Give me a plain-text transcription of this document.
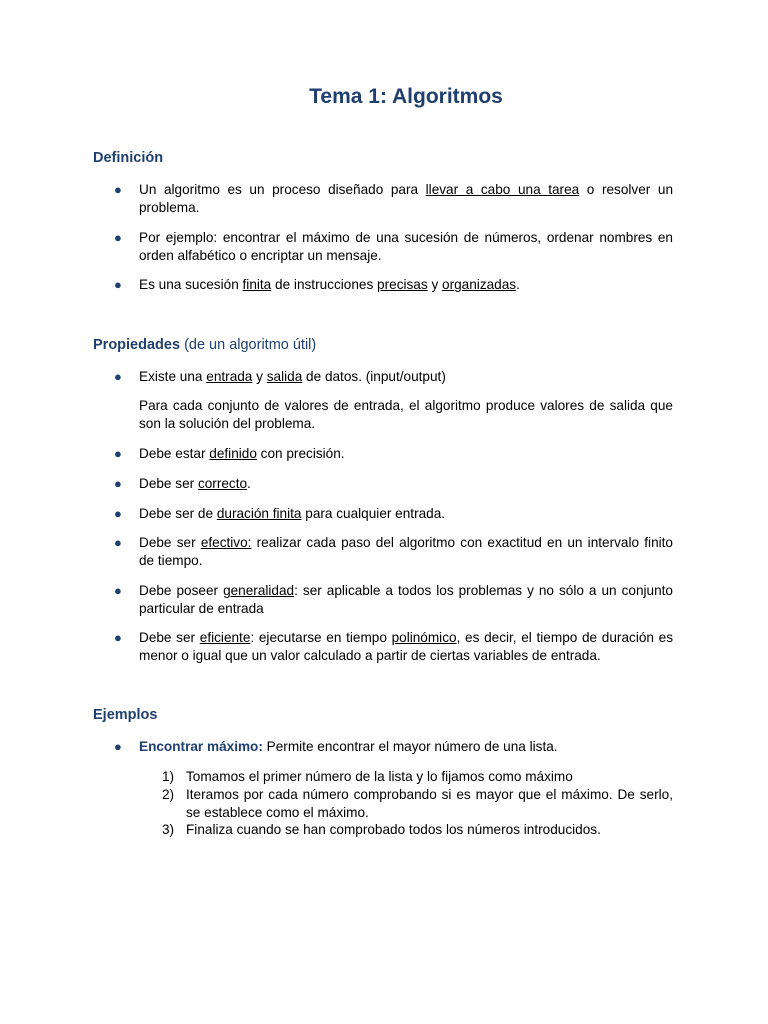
Tema 1: Algoritmos
Definición
● Un algoritmo es un proceso diseñado para llevar a cabo una tarea o resolver un problema.

● Por ejemplo: encontrar el máximo de una sucesión de números, ordenar nombres en orden alfabético o encriptar un mensaje.

● Es una sucesión finita de instrucciones precisas y organizadas.

Propiedades (de un algoritmo útil)
● Existe una entrada y salida de datos. (input/output)

Para cada conjunto de valores de entrada, el algoritmo produce valores de salida que son la solución del problema.

● Debe estar definido con precisión.

● Debe ser correcto.

● Debe ser de duración finita para cualquier entrada.

● Debe ser efectivo: realizar cada paso del algoritmo con exactitud en un intervalo finito de tiempo.

● Debe poseer generalidad: ser aplicable a todos los problemas y no sólo a un conjunto particular de entrada

● Debe ser eficiente: ejecutarse en tiempo polinómico, es decir, el tiempo de duración es menor o igual que un valor calculado a partir de ciertas variables de entrada.

Ejemplos
● Encontrar máximo: Permite encontrar el mayor número de una lista.

1) Tomamos el primer número de la lista y lo fijamos como máximo

2) Iteramos por cada número comprobando si es mayor que el máximo. De serlo, se establece como el máximo.

3) Finaliza cuando se han comprobado todos los números introducidos.
